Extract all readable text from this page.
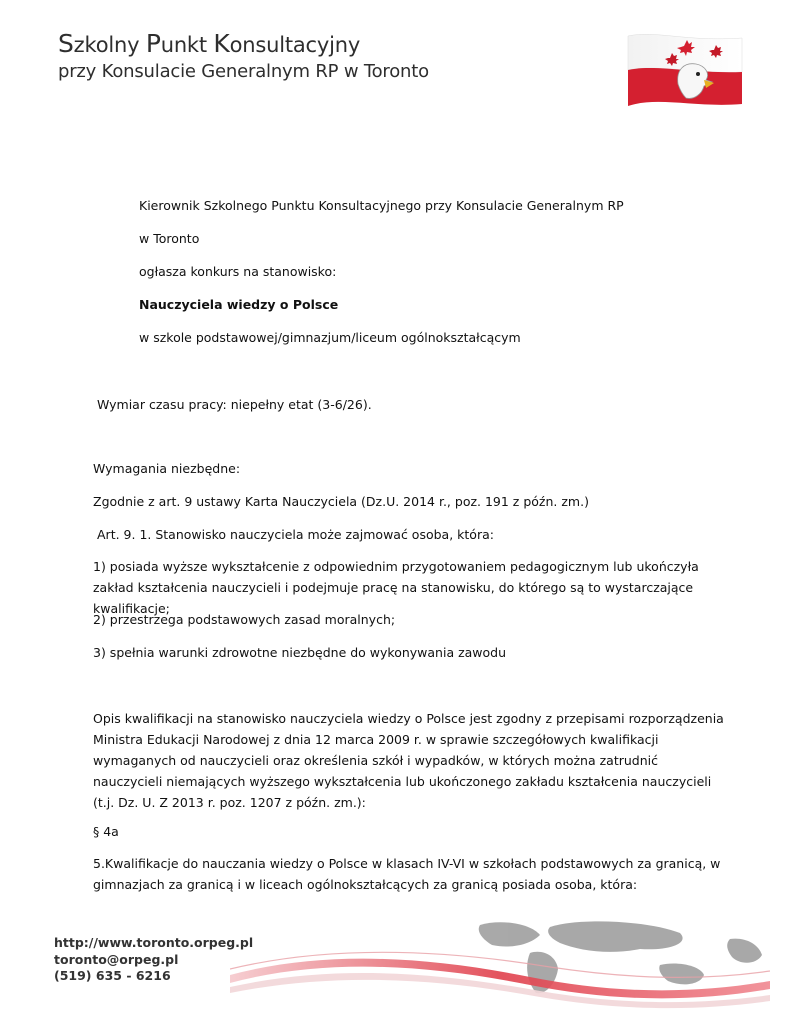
Szkolny Punkt Konsultacyjny
przy Konsulacie Generalnym RP w Toronto
Kierownik Szkolnego Punktu Konsultacyjnego przy Konsulacie Generalnym RP
w Toronto
ogłasza konkurs na stanowisko:
Nauczyciela wiedzy o Polsce
w szkole podstawowej/gimnazjum/liceum ogólnokształcącym
Wymiar czasu pracy: niepełny etat (3-6/26).
Wymagania niezbędne:
Zgodnie z art. 9 ustawy Karta Nauczyciela (Dz.U. 2014 r., poz. 191 z późn. zm.)
Art. 9. 1. Stanowisko nauczyciela może zajmować osoba, która:
1) posiada wyższe wykształcenie z odpowiednim przygotowaniem pedagogicznym lub ukończyła zakład kształcenia nauczycieli i podejmuje pracę na stanowisku, do którego są to wystarczające kwalifikacje;
2) przestrzega podstawowych zasad moralnych;
3) spełnia warunki zdrowotne niezbędne do wykonywania zawodu
Opis kwalifikacji na stanowisko nauczyciela wiedzy o Polsce jest zgodny z przepisami rozporządzenia Ministra Edukacji Narodowej z dnia 12 marca 2009 r. w sprawie szczegółowych kwalifikacji wymaganych od nauczycieli oraz określenia szkół i wypadków, w których można zatrudnić nauczycieli niemających wyższego wykształcenia lub ukończonego zakładu kształcenia nauczycieli (t.j. Dz. U. Z 2013 r. poz. 1207 z późn. zm.):
§ 4a
5.Kwalifikacje do nauczania wiedzy o Polsce w klasach IV-VI w szkołach podstawowych za granicą, w gimnazjach za granicą i w liceach ogólnokształcących za granicą posiada osoba, która:
http://www.toronto.orpeg.pl
toronto@orpeg.pl
(519) 635 - 6216
